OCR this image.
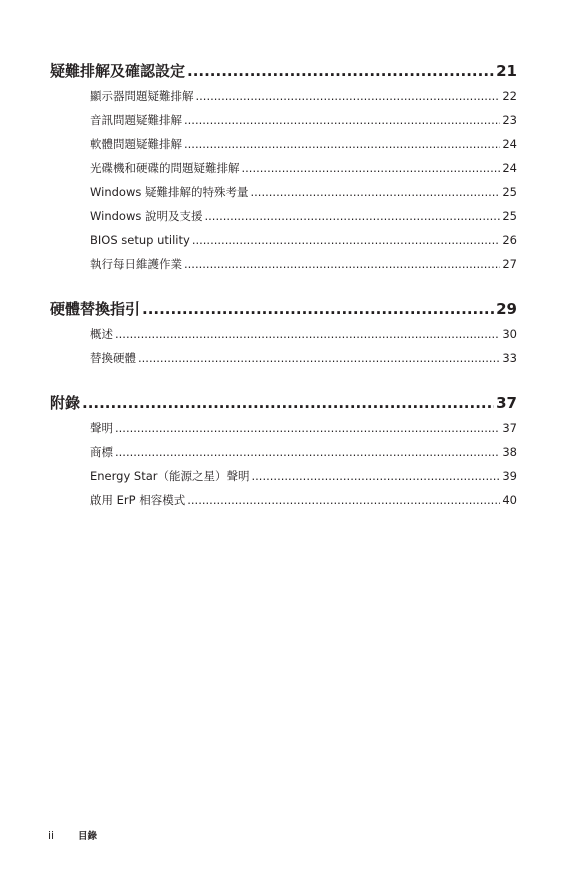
疑難排解及確認設定 .....	21
顯示器問題疑難排解 .....	22
音訊問題疑難排解 .....	23
軟體問題疑難排解 .....	24
光碟機和硬碟的問題疑難排解 .....	24
Windows 疑難排解的特殊考量 .....	25
Windows 說明及支援 .....	25
BIOS setup utility .....	26
執行每日維護作業 .....	27
硬體替換指引 .....	29
概述 .....	30
替換硬體 .....	33
附錄 .....	37
聲明 .....	37
商標 .....	38
Energy Star（能源之星）聲明 .....	39
啟用 ErP 相容模式 .....	40
ii	目錄
